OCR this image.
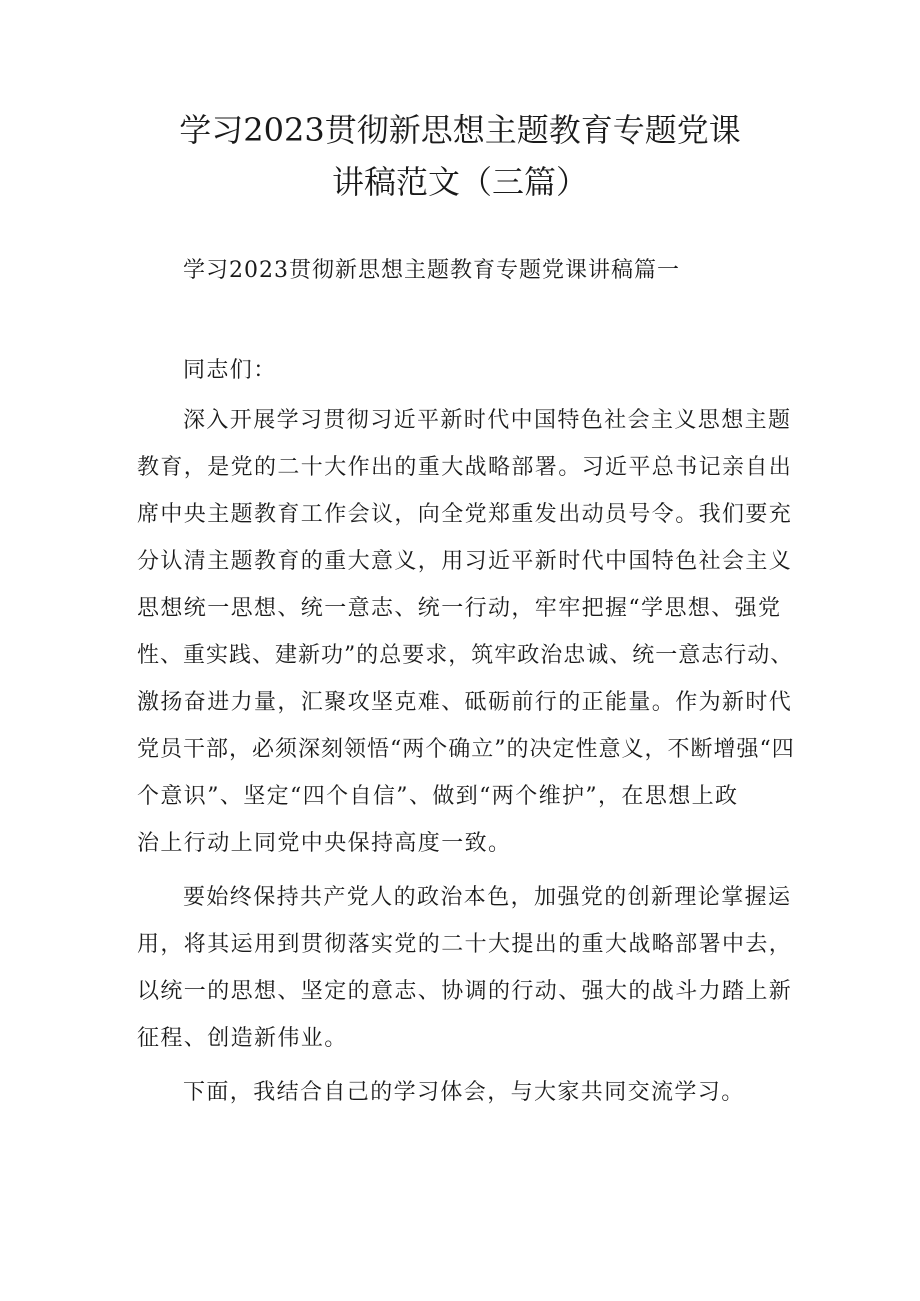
学习2023贯彻新思想主题教育专题党课
讲稿范文（三篇）
学习2023贯彻新思想主题教育专题党课讲稿篇一
同志们：
深入开展学习贯彻习近平新时代中国特色社会主义思想主题
教育，是党的二十大作出的重大战略部署。习近平总书记亲自出
席中央主题教育工作会议，向全党郑重发出动员号令。我们要充
分认清主题教育的重大意义，用习近平新时代中国特色社会主义
思想统一思想、统一意志、统一行动，牢牢把握“学思想、强党
性、重实践、建新功”的总要求，筑牢政治忠诚、统一意志行动、
激扬奋进力量，汇聚攻坚克难、砥砺前行的正能量。作为新时代
党员干部，必须深刻领悟“两个确立”的决定性意义，不断增强“四
个意识”、坚定“四个自信”、做到“两个维护”，在思想上政
治上行动上同党中央保持高度一致。
要始终保持共产党人的政治本色，加强党的创新理论掌握运
用，将其运用到贯彻落实党的二十大提出的重大战略部署中去，
以统一的思想、坚定的意志、协调的行动、强大的战斗力踏上新
征程、创造新伟业。
下面，我结合自己的学习体会，与大家共同交流学习。
